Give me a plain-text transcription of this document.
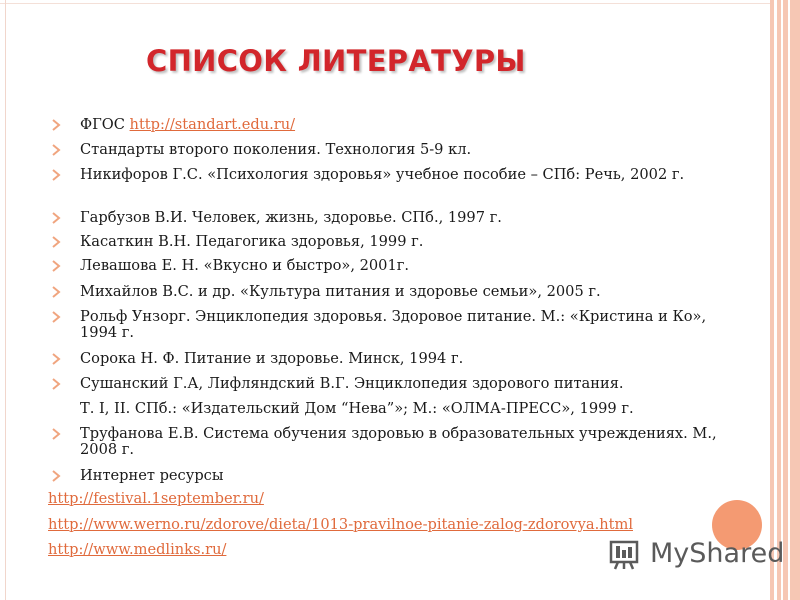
СПИСОК ЛИТЕРАТУРЫ
ФГОС http://standart.edu.ru/
Стандарты второго поколения. Технология 5-9 кл.
Никифоров Г.С. «Психология здоровья» учебное пособие – СПб: Речь, 2002 г.
Гарбузов В.И. Человек, жизнь, здоровье. СПб., 1997 г.
Касаткин В.Н. Педагогика здоровья, 1999 г.
Левашова Е. Н. «Вкусно и быстро», 2001г.
Михайлов В.С. и др. «Культура питания и здоровье семьи», 2005 г.
Рольф Унзорг. Энциклопедия здоровья. Здоровое питание. М.: «Кристина и Ко», 1994 г.
Сорока Н. Ф. Питание и здоровье. Минск, 1994 г.
Сушанский Г.А, Лифляндский В.Г. Энциклопедия здорового питания.
Т. I, II. СПб.: «Издательский Дом “Нева”»; М.: «ОЛМА-ПРЕСС», 1999 г.
Труфанова Е.В. Система обучения здоровью в образовательных учреждениях. М., 2008 г.
Интернет ресурсы
http://festival.1september.ru/
http://www.werno.ru/zdorove/dieta/1013-pravilnoe-pitanie-zalog-zdorovya.html
http://www.medlinks.ru/	MyShared
